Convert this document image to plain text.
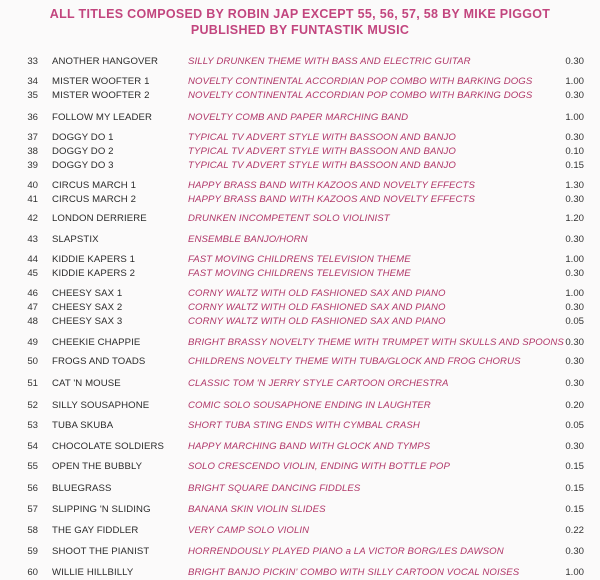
ALL TITLES COMPOSED BY ROBIN JAP EXCEPT 55, 56, 57, 58 BY MIKE PIGGOT
PUBLISHED BY FUNTASTIK MUSIC
33 ANOTHER HANGOVER	SILLY DRUNKEN THEME WITH BASS AND ELECTRIC GUITAR	0.30
34 MISTER WOOFTER 1	NOVELTY CONTINENTAL ACCORDIAN POP COMBO WITH BARKING DOGS	1.00
35 MISTER WOOFTER 2	NOVELTY CONTINENTAL ACCORDIAN POP COMBO WITH BARKING DOGS	0.30
36 FOLLOW MY LEADER	NOVELTY COMB AND PAPER MARCHING BAND	1.00
37 DOGGY DO 1	TYPICAL TV ADVERT STYLE WITH BASSOON AND BANJO	0.30
38 DOGGY DO 2	TYPICAL TV ADVERT STYLE WITH BASSOON AND BANJO	0.10
39 DOGGY DO 3	TYPICAL TV ADVERT STYLE WITH BASSOON AND BANJO	0.15
40 CIRCUS MARCH 1	HAPPY BRASS BAND WITH KAZOOS AND NOVELTY EFFECTS	1.30
41 CIRCUS MARCH 2	HAPPY BRASS BAND WITH KAZOOS AND NOVELTY EFFECTS	0.30
42 LONDON DERRIERE	DRUNKEN INCOMPETENT SOLO VIOLINIST	1.20
43 SLAPSTIX	ENSEMBLE BANJO/HORN	0.30
44 KIDDIE KAPERS 1	FAST MOVING CHILDRENS TELEVISION THEME	1.00
45 KIDDIE KAPERS 2	FAST MOVING CHILDRENS TELEVISION THEME	0.30
46 CHEESY SAX 1	CORNY WALTZ WITH OLD FASHIONED SAX AND PIANO	1.00
47 CHEESY SAX 2	CORNY WALTZ WITH OLD FASHIONED SAX AND PIANO	0.30
48 CHEESY SAX 3	CORNY WALTZ WITH OLD FASHIONED SAX AND PIANO	0.05
49 CHEEKIE CHAPPIE	BRIGHT BRASSY NOVELTY THEME WITH TRUMPET WITH SKULLS AND SPOONS 0.30
50 FROGS AND TOADS	CHILDRENS NOVELTY THEME WITH TUBA/GLOCK AND FROG CHORUS	0.30
51 CAT 'N MOUSE	CLASSIC TOM 'N JERRY STYLE CARTOON ORCHESTRA	0.30
52 SILLY SOUSAPHONE	COMIC SOLO SOUSAPHONE ENDING IN LAUGHTER	0.20
53 TUBA SKUBA	SHORT TUBA STING ENDS WITH CYMBAL CRASH	0.05
54 CHOCOLATE SOLDIERS	HAPPY MARCHING BAND WITH GLOCK AND TYMPS	0.30
55 OPEN THE BUBBLY	SOLO CRESCENDO VIOLIN, ENDING WITH BOTTLE POP	0.15
56 BLUEGRASS	BRIGHT SQUARE DANCING FIDDLES	0.15
57 SLIPPING 'N SLIDING	BANANA SKIN VIOLIN SLIDES	0.15
58 THE GAY FIDDLER	VERY CAMP SOLO VIOLIN	0.22
59 SHOOT THE PIANIST	HORRENDOUSLY PLAYED PIANO a LA VICTOR BORG/LES DAWSON	0.30
60 WILLIE HILLBILLY	BRIGHT BANJO PICKIN' COMBO WITH SILLY CARTOON VOCAL NOISES	1.00
